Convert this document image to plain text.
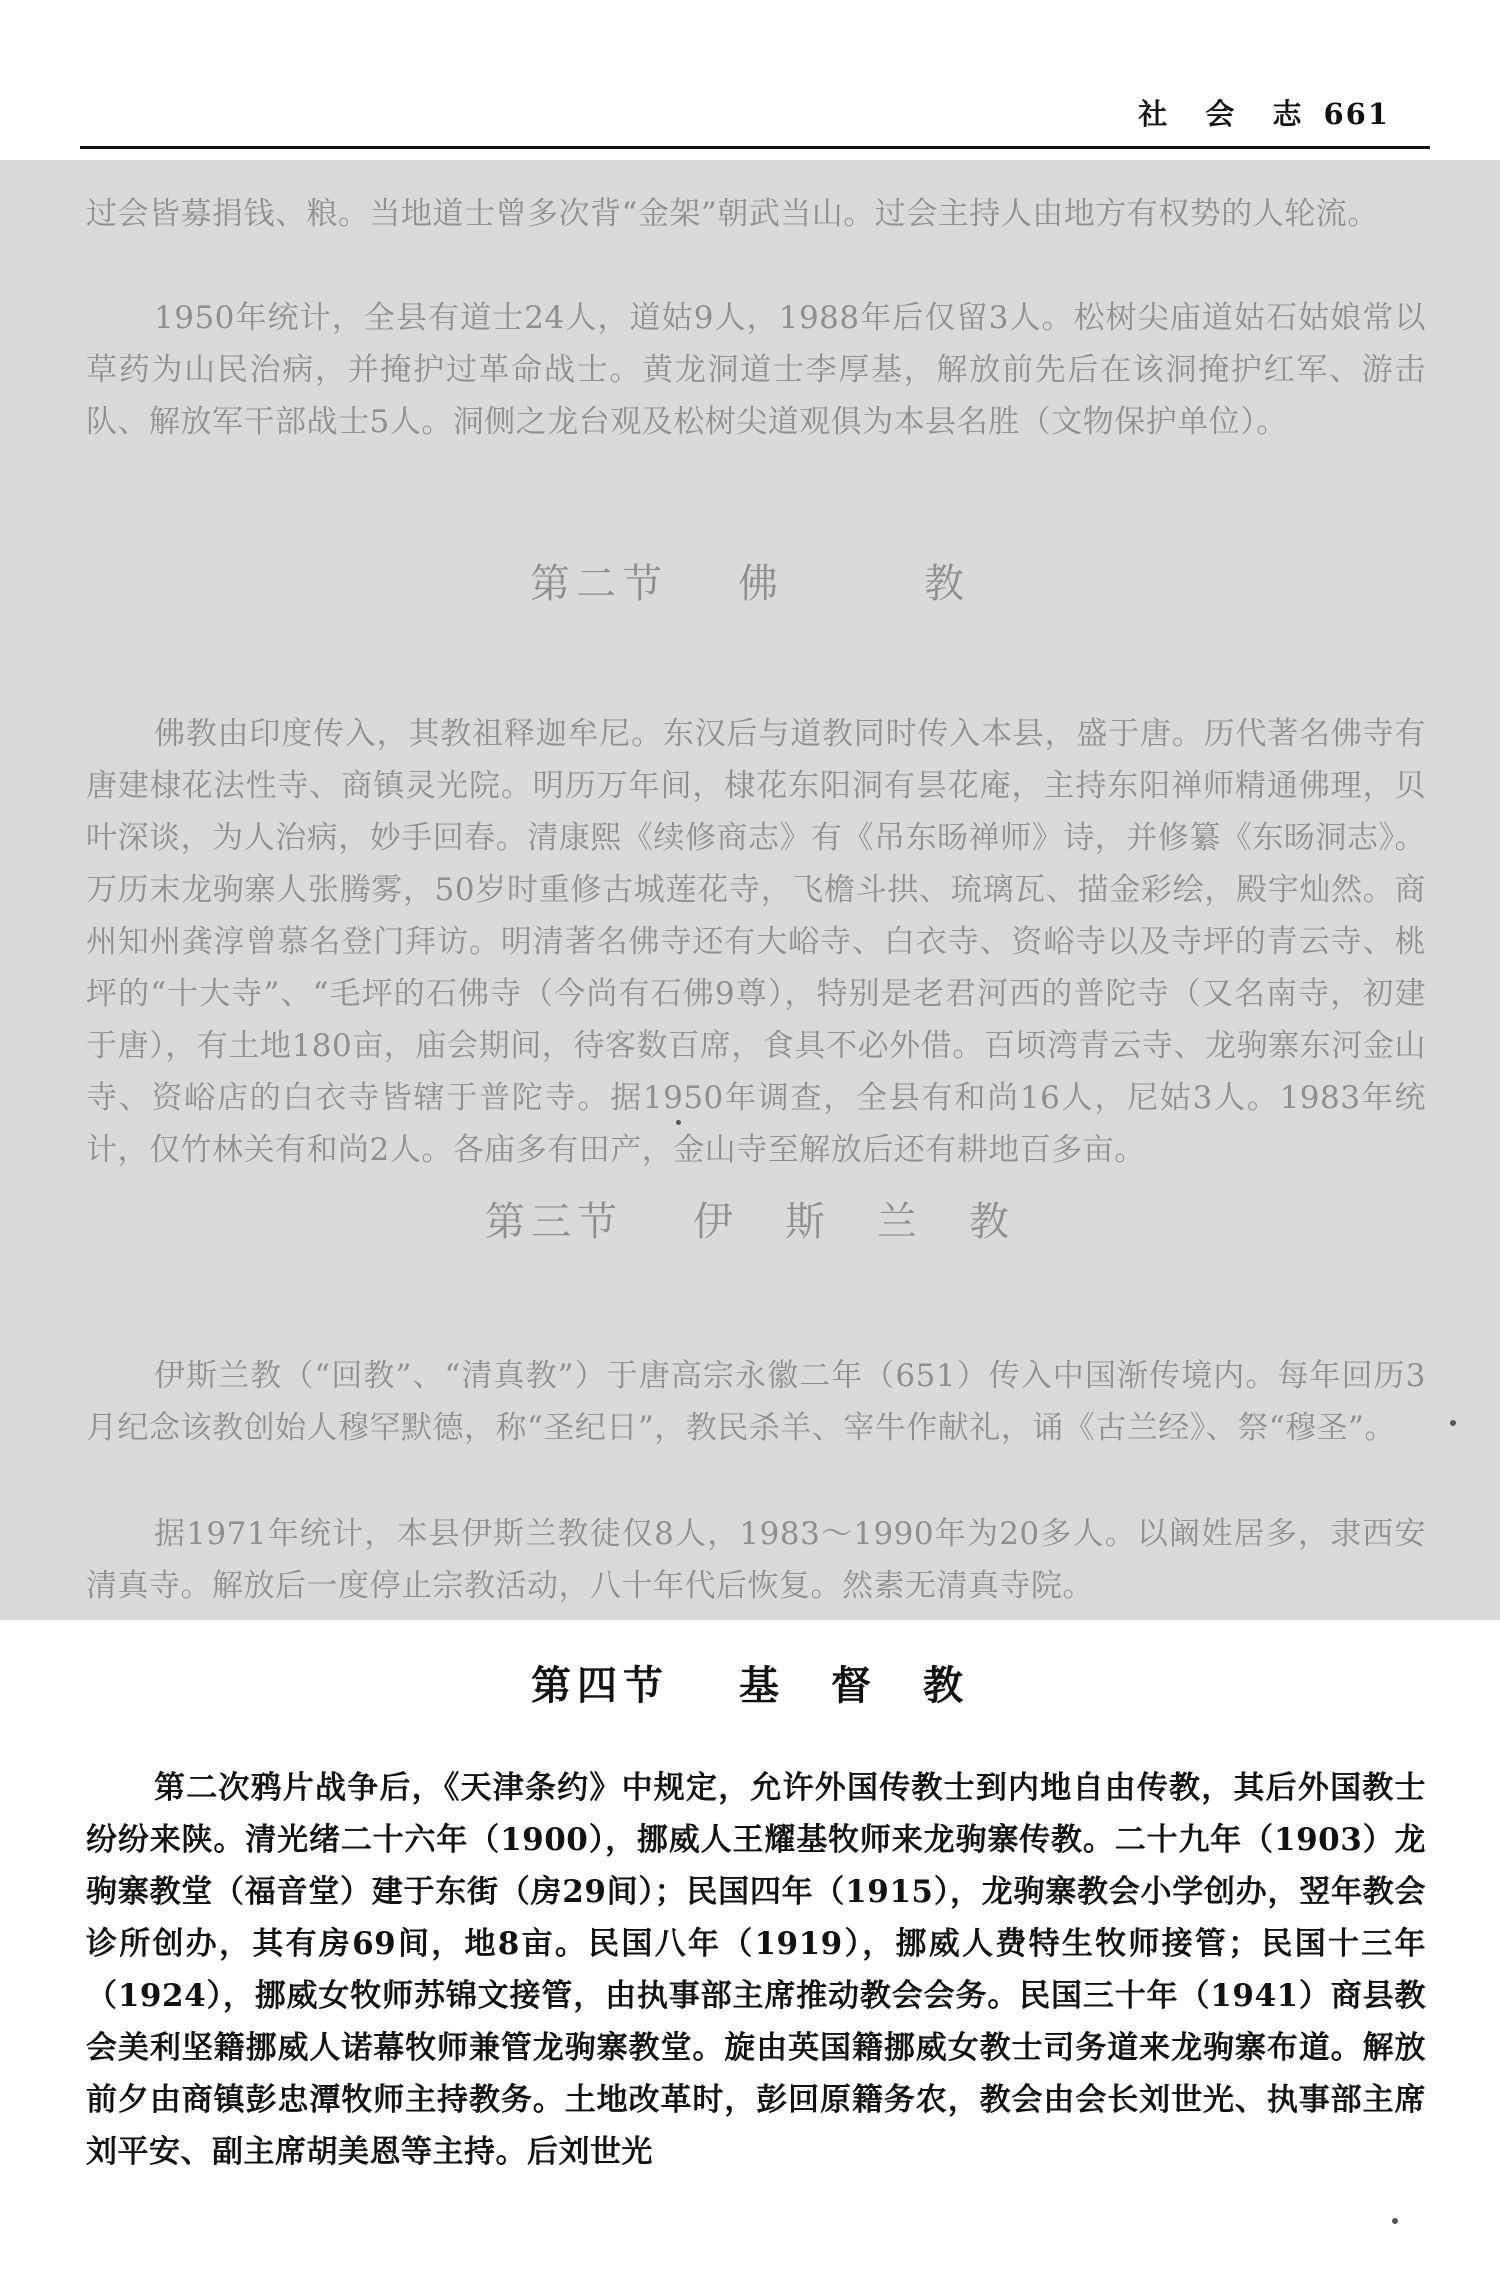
社 会 志 661
过会皆募捐钱、粮。当地道士曾多次背“金架”朝武当山。过会主持人由地方有权势的人轮流。
1950年统计，全县有道士24人，道姑9人，1988年后仅留3人。松树尖庙道姑石姑娘常以草药为山民治病，并掩护过革命战士。黄龙洞道士李厚基，解放前先后在该洞掩护红军、游击队、解放军干部战士5人。洞侧之龙台观及松树尖道观俱为本县名胜（文物保护单位）。
第二节 佛	教
佛教由印度传入，其教祖释迦牟尼。东汉后与道教同时传入本县，盛于唐。历代著名佛寺有唐建棣花法性寺、商镇灵光院。明历万年间，棣花东阳洞有昙花庵，主持东阳禅师精通佛理，贝叶深谈，为人治病，妙手回春。清康熙《续修商志》有《吊东旸禅师》诗，并修纂《东旸洞志》。万历末龙驹寨人张腾雾，50岁时重修古城莲花寺，飞檐斗拱、琉璃瓦、描金彩绘，殿宇灿然。商州知州龚淳曾慕名登门拜访。明清著名佛寺还有大峪寺、白衣寺、资峪寺以及寺坪的青云寺、桃坪的“十大寺”、“毛坪的石佛寺（今尚有石佛9尊），特别是老君河西的普陀寺（又名南寺，初建于唐），有土地180亩，庙会期间，待客数百席，食具不必外借。百顷湾青云寺、龙驹寨东河金山寺、资峪店的白衣寺皆辖于普陀寺。据1950年调查，全县有和尚16人，尼姑3人。1983年统计，仅竹林关有和尚2人。各庙多有田产，金山寺至解放后还有耕地百多亩。
第三节 伊 斯 兰 教
伊斯兰教（“回教”、“清真教”）于唐高宗永徽二年（651）传入中国渐传境内。每年回历3月纪念该教创始人穆罕默德，称“圣纪日”，教民杀羊、宰牛作献礼，诵《古兰经》、祭“穆圣”。
据1971年统计，本县伊斯兰教徒仅8人，1983～1990年为20多人。以阚姓居多，隶西安清真寺。解放后一度停止宗教活动，八十年代后恢复。然素无清真寺院。
第四节 基 督 教
第二次鸦片战争后，《天津条约》中规定，允许外国传教士到内地自由传教，其后外国教士纷纷来陕。清光绪二十六年（1900），挪威人王耀基牧师来龙驹寨传教。二十九年（1903）龙驹寨教堂（福音堂）建于东街（房29间）；民国四年（1915），龙驹寨教会小学创办，翌年教会诊所创办，其有房69间，地8亩。民国八年（1919），挪威人费特生牧师接管；民国十三年（1924），挪威女牧师苏锦文接管，由执事部主席推动教会会务。民国三十年（1941）商县教会美利坚籍挪威人诺幕牧师兼管龙驹寨教堂。旋由英国籍挪威女教士司务道来龙驹寨布道。解放前夕由商镇彭忠潭牧师主持教务。土地改革时，彭回原籍务农，教会由会长刘世光、执事部主席刘平安、副主席胡美恩等主持。后刘世光
